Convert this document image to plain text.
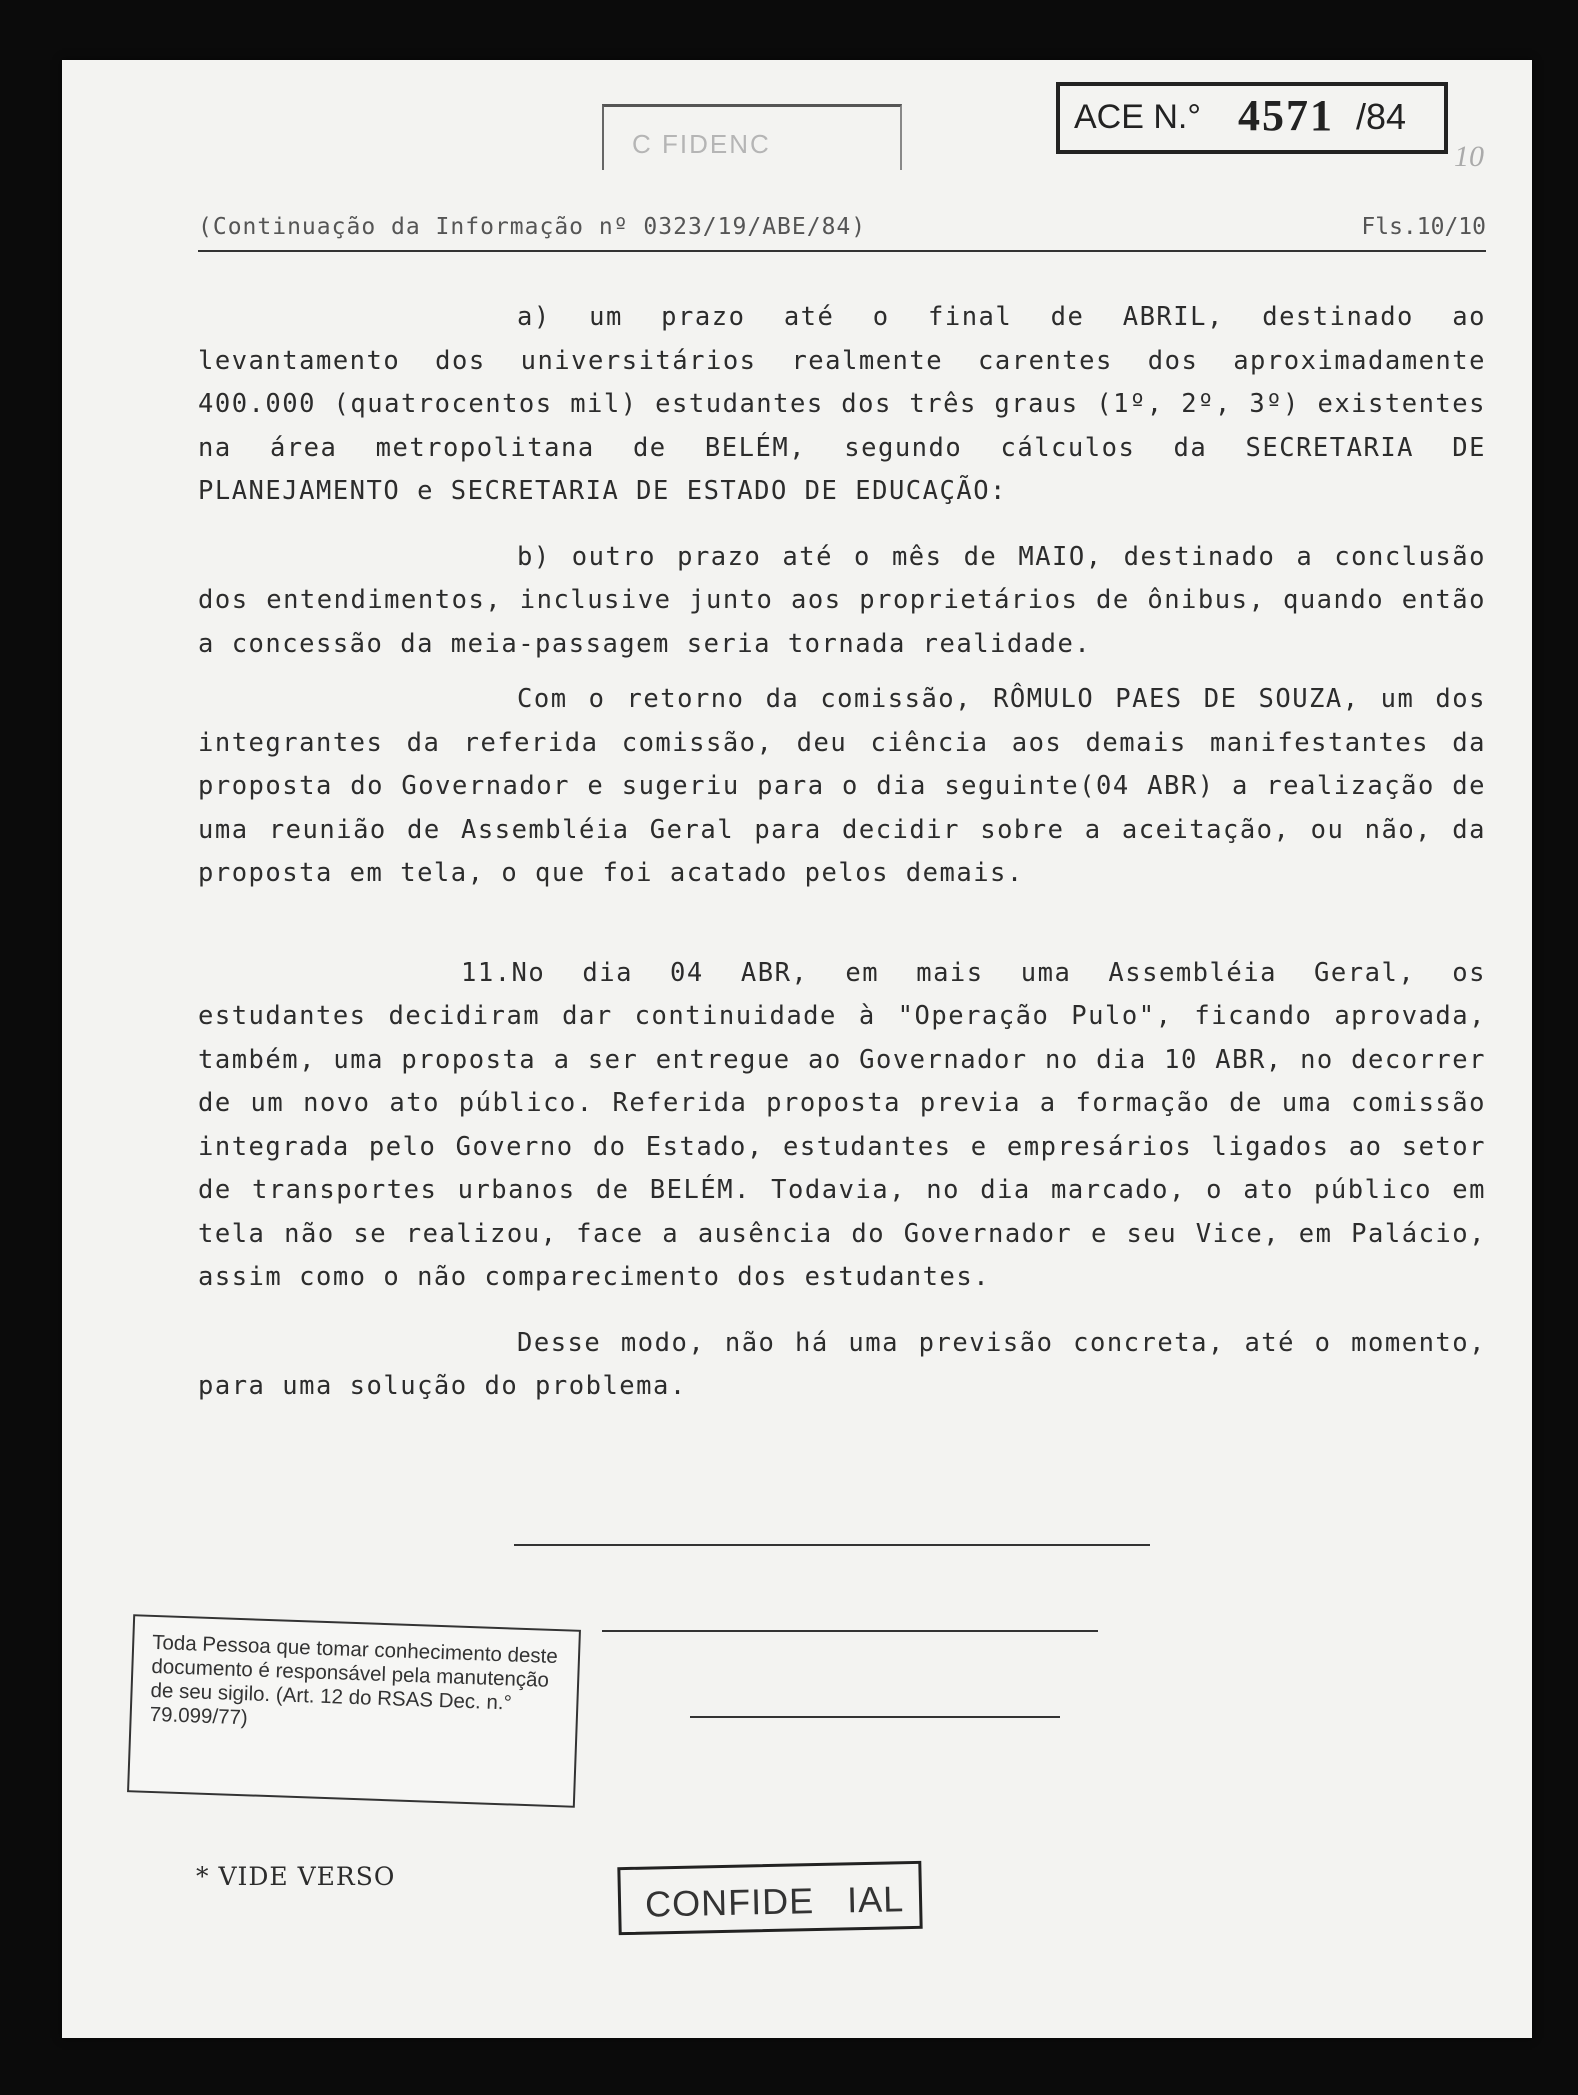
C FIDENC
ACE N.° 4571 /84
10
(Continuação da Informação nº 0323/19/ABE/84)	Fls.10/10

a) um prazo até o final de ABRIL, destinado ao levantamento dos universitários realmente carentes dos aproximadamente 400.000 (quatrocentos mil) estudantes dos três graus (1º, 2º, 3º) existentes na área metropolitana de BELÉM, segundo cálculos da SECRETARIA DE PLANEJAMENTO e SECRETARIA DE ESTADO DE EDUCAÇÃO:

b) outro prazo até o mês de MAIO, destinado a conclusão dos entendimentos, inclusive junto aos proprietários de ônibus, quando então a concessão da meia-passagem seria tornada realidade.

Com o retorno da comissão, RÔMULO PAES DE SOUZA, um dos integrantes da referida comissão, deu ciência aos demais manifestantes da proposta do Governador e sugeriu para o dia seguinte(04 ABR) a realização de uma reunião de Assembléia Geral para decidir sobre a aceitação, ou não, da proposta em tela, o que foi acatado pelos demais.

11.No dia 04 ABR, em mais uma Assembléia Geral, os estudantes decidiram dar continuidade à "Operação Pulo", ficando aprovada, também, uma proposta a ser entregue ao Governador no dia 10 ABR, no decorrer de um novo ato público. Referida proposta previa a formação de uma comissão integrada pelo Governo do Estado, estudantes e empresários ligados ao setor de transportes urbanos de BELÉM. Todavia, no dia marcado, o ato público em tela não se realizou, face a ausência do Governador e seu Vice, em Palácio, assim como o não comparecimento dos estudantes.

Desse modo, não há uma previsão concreta, até o momento, para uma solução do problema.

Toda Pessoa que tomar conhecimento deste documento é responsável pela manutenção de seu sigilo. (Art. 12 do RSAS Dec. n.° 79.099/77)
* VIDE VERSO
CONFIDE   IAL
